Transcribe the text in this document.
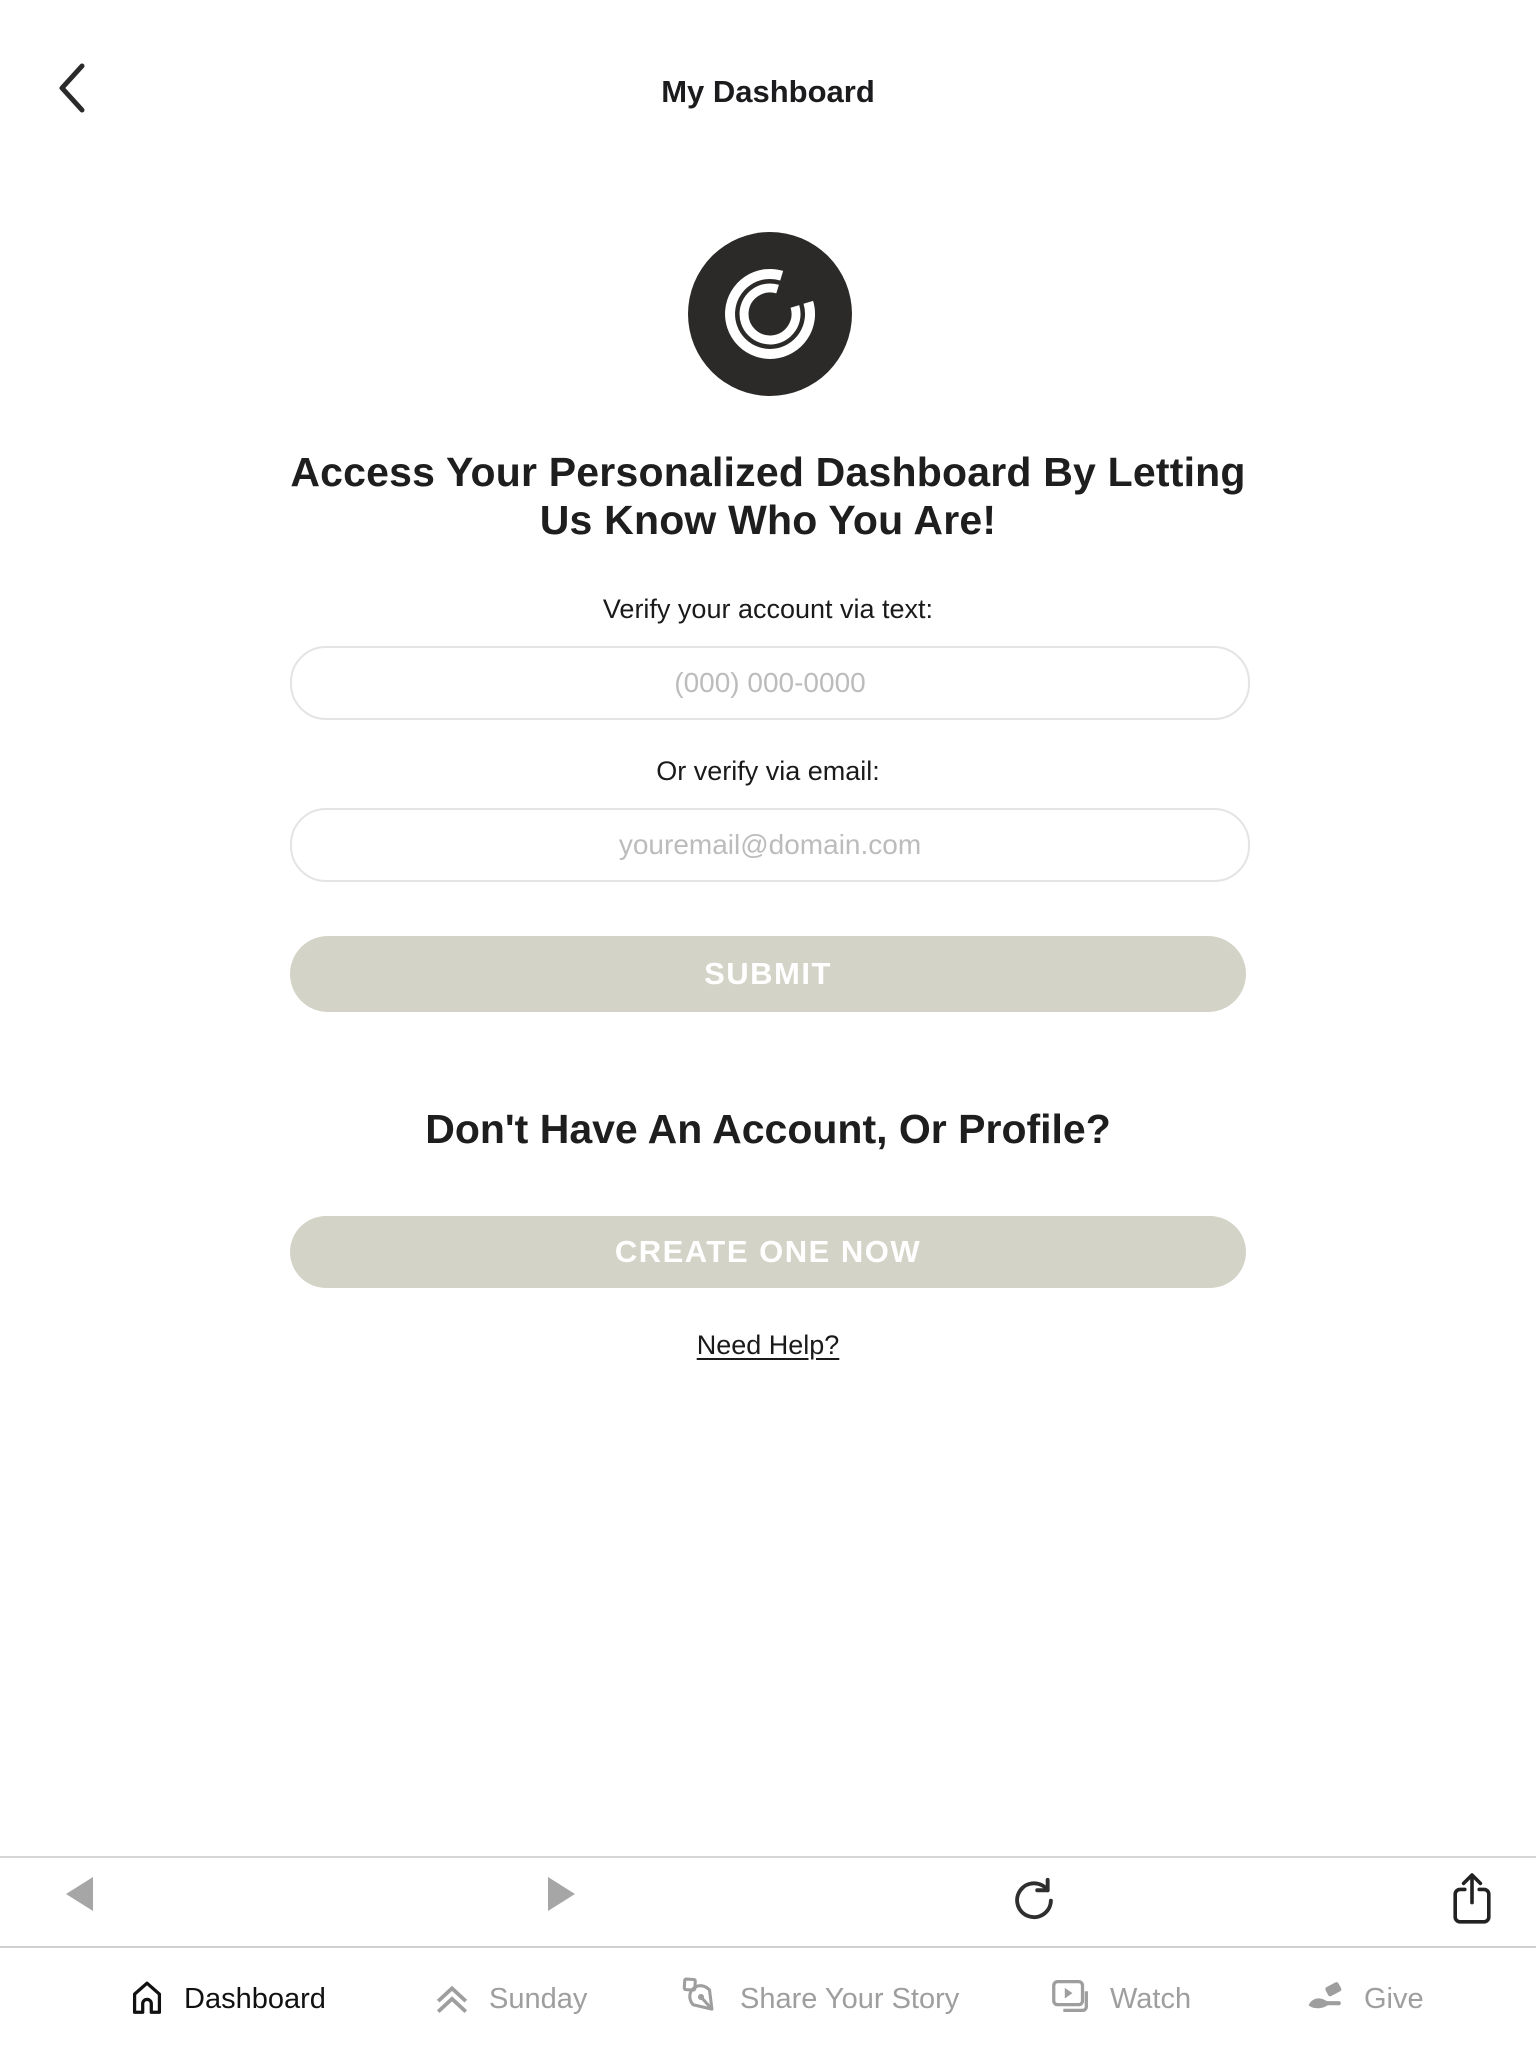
My Dashboard
Access Your Personalized Dashboard By Letting Us Know Who You Are!
Verify your account via text:
(000) 000-0000
Or verify via email:
youremail@domain.com
SUBMIT
Don't Have An Account, Or Profile?
CREATE ONE NOW
Need Help?
Dashboard	Sunday	Share Your Story	Watch	Give
